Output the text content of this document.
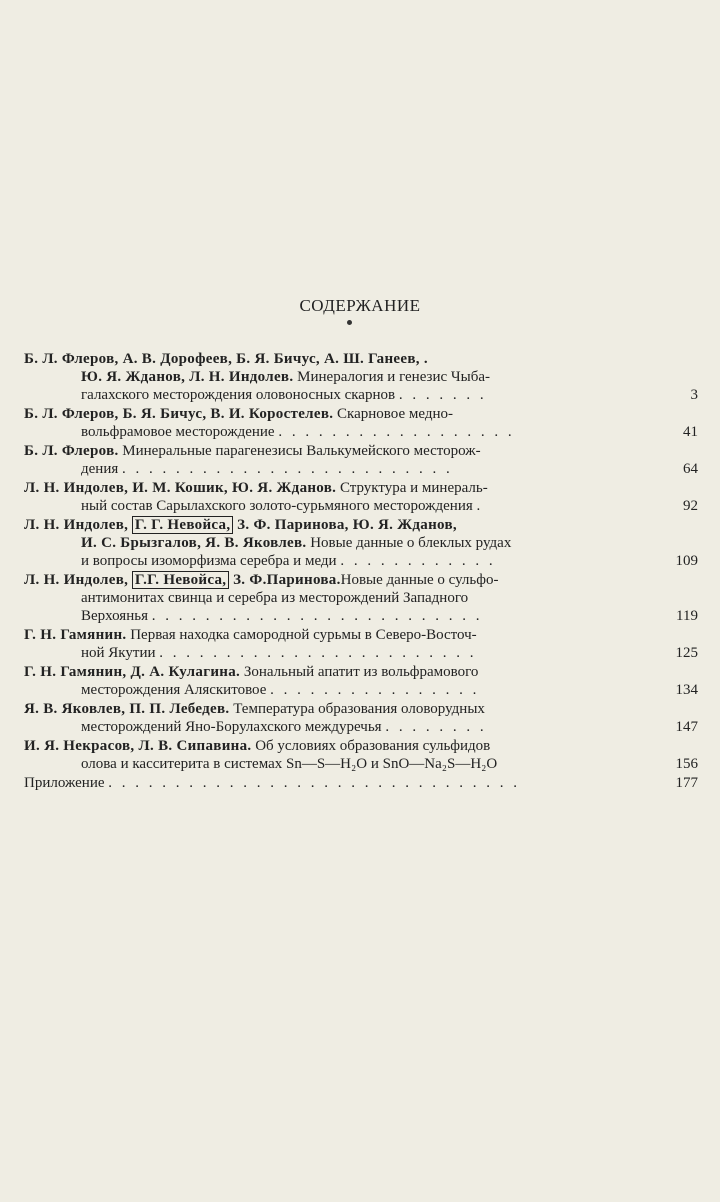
СОДЕРЖАНИЕ
Б. Л. Флеров, А. В. Дорофеев, Б. Я. Бичус, А. Ш. Ганеев, .
Ю. Я. Жданов, Л. Н. Индолев. Минералогия и генезис Чыба-
галахского месторождения оловоносных скарнов . . . . . . .	3
Б. Л. Флеров, Б. Я. Бичус, В. И. Коростелев. Скарновое медно-
вольфрамовое месторождение . . . . . . . . . . . . . . . . . .	41
Б. Л. Флеров. Минеральные парагенезисы Валькумейского месторож-
дения . . . . . . . . . . . . . . . . . . . . . . . . .	64
Л. Н. Индолев, И. М. Кошик, Ю. Я. Жданов. Структура и минераль-
ный состав Сарылахского золото-сурьмяного месторождения .	92
Л. Н. Индолев, Г. Г. Невойса, З. Ф. Паринова, Ю. Я. Жданов,
И. С. Брызгалов, Я. В. Яковлев. Новые данные о блеклых рудах
и вопросы изоморфизма серебра и меди . . . . . . . . . . . .	109
Л. Н. Индолев, Г.Г. Невойса, З. Ф.Паринова.Новые данные о сульфо-
антимонитах свинца и серебра из месторождений Западного
Верхоянья . . . . . . . . . . . . . . . . . . . . . . . . .	119
Г. Н. Гамянин. Первая находка самородной сурьмы в Северо-Восточ-
ной Якутии . . . . . . . . . . . . . . . . . . . . . . . .	125
Г. Н. Гамянин, Д. А. Кулагина. Зональный апатит из вольфрамового
месторождения Аляскитовое . . . . . . . . . . . . . . . .	134
Я. В. Яковлев, П. П. Лебедев. Температура образования оловорудных
месторождений Яно-Борулахского междуречья . . . . . . . .	147
И. Я. Некрасов, Л. В. Сипавина. Об условиях образования сульфидов
олова и касситерита в системах Sn—S—H₂O и SnO—Na₂S—H₂O	156
Приложение . . . . . . . . . . . . . . . . . . . . . . . . . . . . . . .	177
